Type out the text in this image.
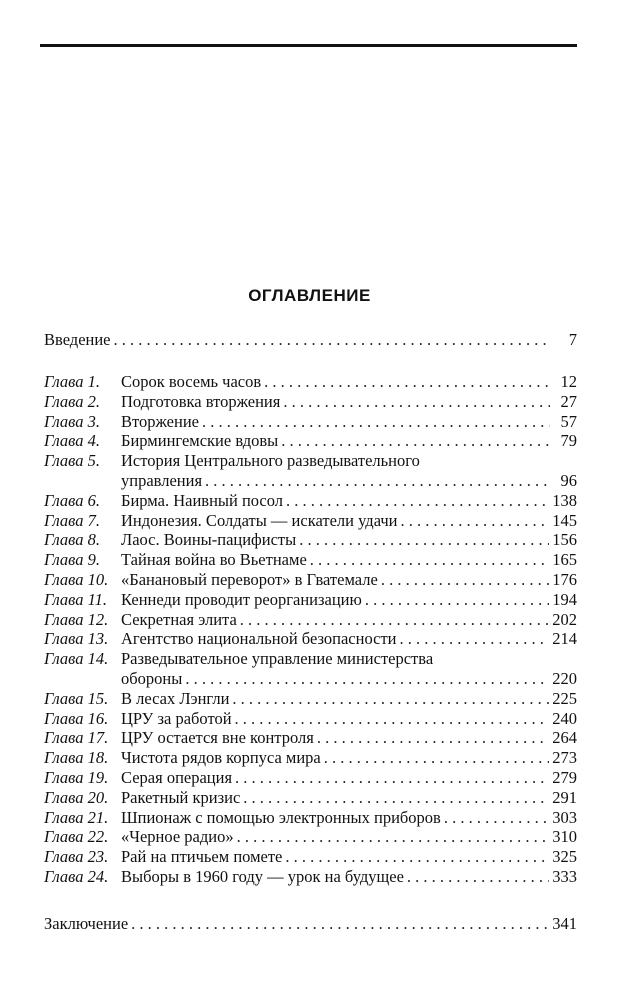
ОГЛАВЛЕНИЕ
Введение . . .	7
Глава 1.	Сорок восемь часов . . .	12
Глава 2.	Подготовка вторжения . . .	27
Глава 3.	Вторжение . . .	57
Глава 4.	Бирмингемские вдовы . . .	79
Глава 5.	История Центрального разведывательного
управления . . .	96
Глава 6.	Бирма. Наивный посол . . .	138
Глава 7.	Индонезия. Солдаты — искатели удачи . . .	145
Глава 8.	Лаос. Воины-пацифисты . . .	156
Глава 9.	Тайная война во Вьетнаме . . .	165
Глава 10. «Банановый переворот» в Гватемале . . .	176
Глава 11. Кеннеди проводит реорганизацию . . .	194
Глава 12. Секретная элита . . .	202
Глава 13. Агентство национальной безопасности . . .	214
Глава 14. Разведывательное управление министерства
обороны . . .	220
Глава 15. В лесах Лэнгли . . .	225
Глава 16. ЦРУ за работой . . .	240
Глава 17. ЦРУ остается вне контроля . . .	264
Глава 18. Чистота рядов корпуса мира . . .	273
Глава 19. Серая операция . . .	279
Глава 20. Ракетный кризис . . .	291
Глава 21. Шпионаж с помощью электронных приборов . . .	303
Глава 22. «Черное радио» . . .	310
Глава 23. Рай на птичьем помете . . .	325
Глава 24. Выборы в 1960 году — урок на будущее . . .	333
Заключение . . .	341
